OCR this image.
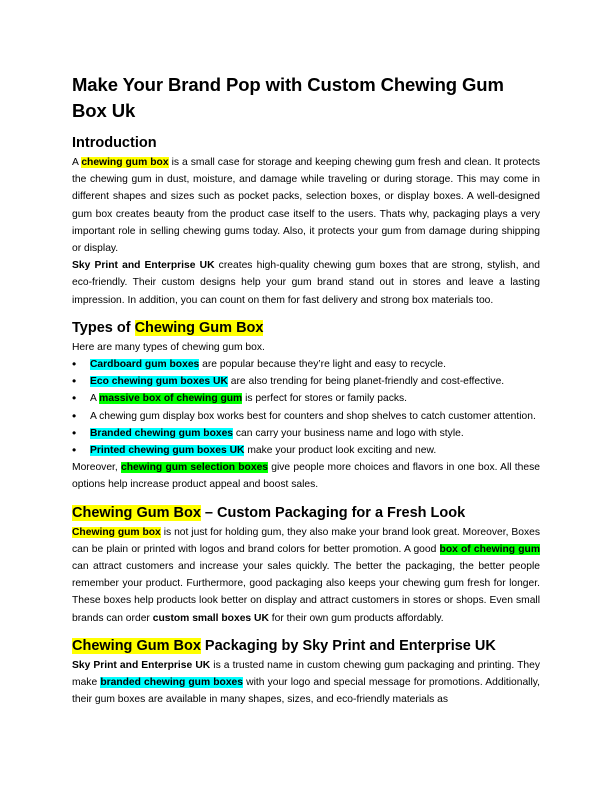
Make Your Brand Pop with Custom Chewing Gum Box Uk
Introduction

A chewing gum box is a small case for storage and keeping chewing gum fresh and clean. It protects the chewing gum in dust, moisture, and damage while traveling or during storage. This may come in different shapes and sizes such as pocket packs, selection boxes, or display boxes. A well-designed gum box creates beauty from the product case itself to the users. Thats why, packaging plays a very important role in selling chewing gums today. Also, it protects your gum from damage during shipping or display.

Sky Print and Enterprise UK creates high-quality chewing gum boxes that are strong, stylish, and eco-friendly. Their custom designs help your gum brand stand out in stores and leave a lasting impression. In addition, you can count on them for fast delivery and strong box materials too.

Types of Chewing Gum Box

Here are many types of chewing gum box.

• Cardboard gum boxes are popular because they’re light and easy to recycle.
• Eco chewing gum boxes UK are also trending for being planet-friendly and cost-effective.
• A massive box of chewing gum is perfect for stores or family packs.
• A chewing gum display box works best for counters and shop shelves to catch customer attention.
• Branded chewing gum boxes can carry your business name and logo with style.
• Printed chewing gum boxes UK make your product look exciting and new.

Moreover, chewing gum selection boxes give people more choices and flavors in one box. All these options help increase product appeal and boost sales.

Chewing Gum Box – Custom Packaging for a Fresh Look

Chewing gum box is not just for holding gum, they also make your brand look great. Moreover, Boxes can be plain or printed with logos and brand colors for better promotion. A good box of chewing gum can attract customers and increase your sales quickly. The better the packaging, the better people remember your product. Furthermore, good packaging also keeps your chewing gum fresh for longer. These boxes help products look better on display and attract customers in stores or shops. Even small brands can order custom small boxes UK for their own gum products affordably.

Chewing Gum Box Packaging by Sky Print and Enterprise UK

Sky Print and Enterprise UK is a trusted name in custom chewing gum packaging and printing. They make branded chewing gum boxes with your logo and special message for promotions. Additionally, their gum boxes are available in many shapes, sizes, and eco-friendly materials as
